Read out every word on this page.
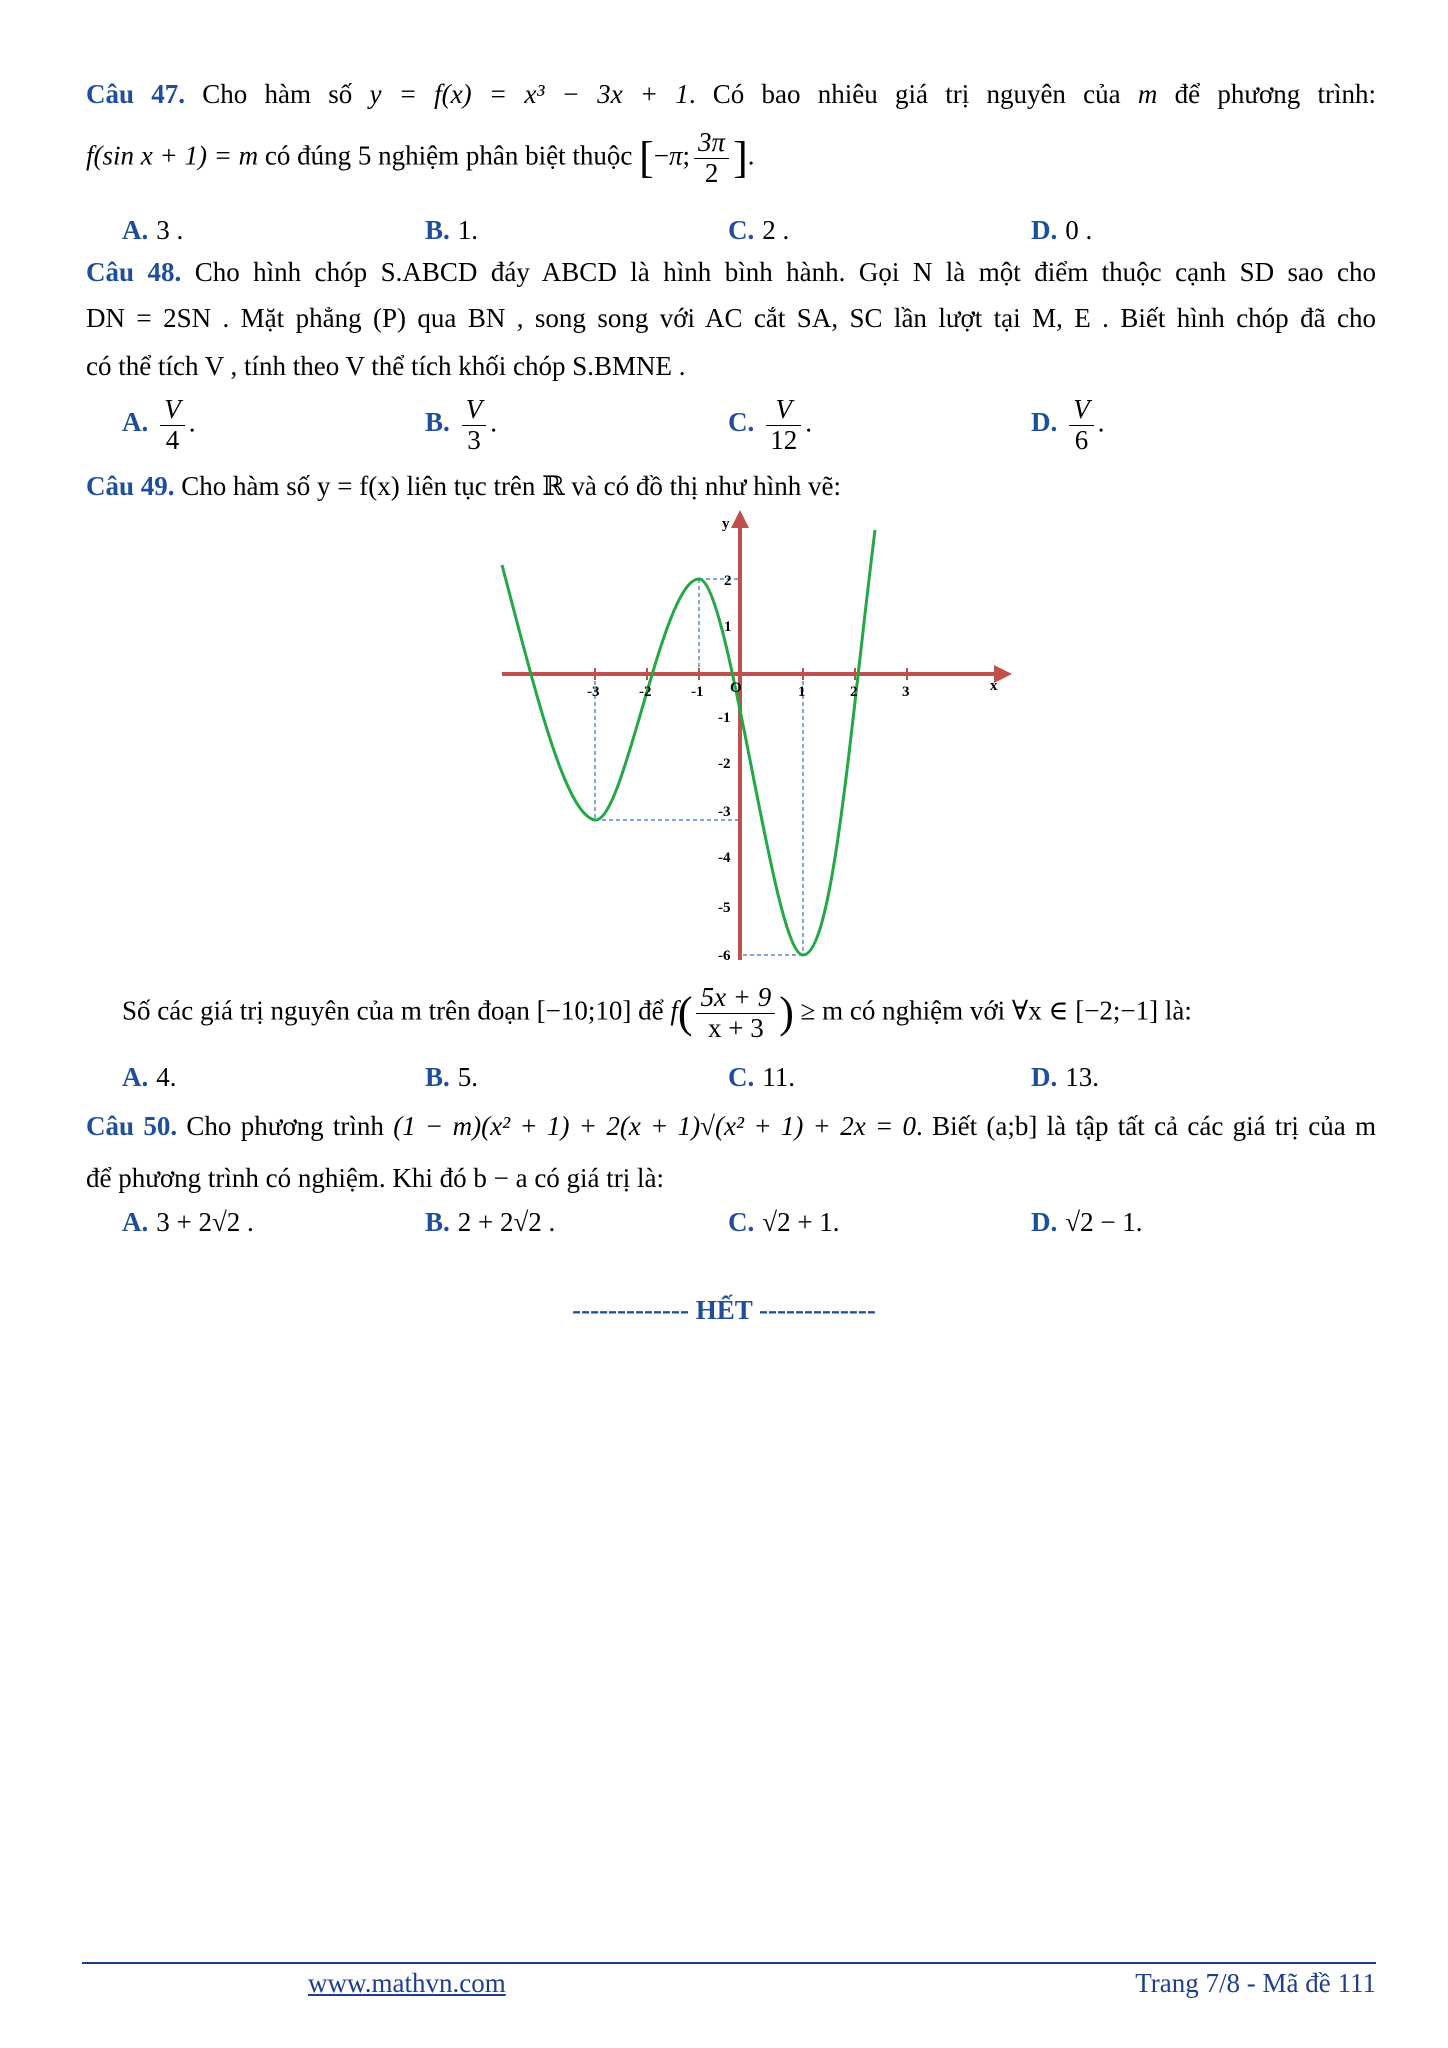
Câu 47. Cho hàm số y = f(x) = x³ − 3x + 1. Có bao nhiêu giá trị nguyên của m để phương trình:
f(sin x + 1) = m có đúng 5 nghiệm phân biệt thuộc [−π; $\frac{3\pi}{2}$ ].
A. 3 .	B. 1.	C. 2 .	D. 0 .
Câu 48. Cho hình chóp S.ABCD đáy ABCD là hình bình hành. Gọi N là một điểm thuộc cạnh SD sao cho
DN = 2SN . Mặt phẳng (P) qua BN , song song với AC cắt SA, SC lần lượt tại M, E . Biết hình chóp đã cho
có thể tích V , tính theo V thể tích khối chóp S.BMNE .
A. $\frac{V}{4}$ .	B. $\frac{V}{3}$ .	C. $\frac{V}{12}$ .	D. $\frac{V}{6}$ .
Câu 49. Cho hàm số y = f(x) liên tục trên ℝ và có đồ thị như hình vẽ:
y
x
O
-3	-2	-1	1	2	3
2
1
-1
-2
-3
-4
-5
-6
Số các giá trị nguyên của m trên đoạn [−10;10] để $f( \frac{5x + 9}{x + 3}$ ) ≥ m có nghiệm với ∀x ∈ [−2;−1] là:
A. 4.	B. 5.	C. 11.	D. 13.
Câu 50. Cho phương trình (1 − m)(x² + 1) + 2(x + 1)√(x² + 1) + 2x = 0. Biết (a;b] là tập tất cả các giá trị của m
để phương trình có nghiệm. Khi đó b − a có giá trị là:
A. 3 + 2√2 .	B. 2 + 2√2 .	C. √2 + 1.	D. √2 − 1.
------------- HẾT -------------
www.mathvn.com	Trang 7/8 - Mã đề 111
